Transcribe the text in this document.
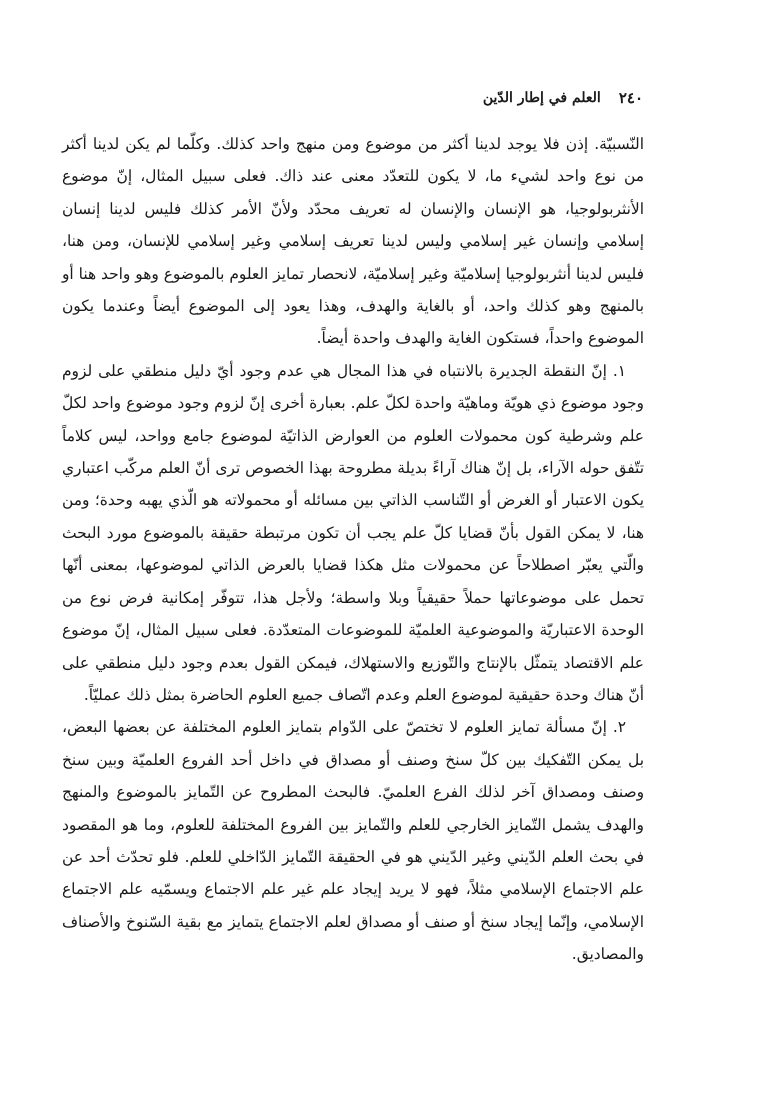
٢٤٠
العلم في إطار الدّين

النّسبيّة. إذن فلا يوجد لدينا أكثر من موضوع ومن منهج واحد كذلك. وكلّما لم يكن لدينا أكثر من نوع واحد لشيء ما، لا يكون للتعدّد معنى عند ذاك. فعلى سبيل المثال، إنّ موضوع الأنثربولوجيا، هو الإنسان والإنسان له تعريف محدّد ولأنّ الأمر كذلك فليس لدينا إنسان إسلامي وإنسان غير إسلامي وليس لدينا تعريف إسلامي وغير إسلامي للإنسان، ومن هنا، فليس لدينا أنثربولوجيا إسلاميّة وغير إسلاميّة، لانحصار تمايز العلوم بالموضوع وهو واحد هنا أو بالمنهج وهو كذلك واحد، أو بالغاية والهدف، وهذا يعود إلى الموضوع أيضاً وعندما يكون الموضوع واحداً، فستكون الغاية والهدف واحدة أيضاً.

١. إنّ النقطة الجديرة بالانتباه في هذا المجال هي عدم وجود أيّ دليل منطقي على لزوم وجود موضوع ذي هويّة وماهيّة واحدة لكلّ علم. بعبارة أخرى إنّ لزوم وجود موضوع واحد لكلّ علم وشرطية كون محمولات العلوم من العوارض الذاتيّة لموضوع جامع وواحد، ليس كلاماً تتّفق حوله الآراء، بل إنّ هناك آراءً بديلة مطروحة بهذا الخصوص ترى أنّ العلم مركّب اعتباري يكون الاعتبار أو الغرض أو التّناسب الذاتي بين مسائله أو محمولاته هو الّذي يهبه وحدة؛ ومن هنا، لا يمكن القول بأنّ قضايا كلّ علم يجب أن تكون مرتبطة حقيقة بالموضوع مورد البحث والّتي يعبّر اصطلاحاً عن محمولات مثل هكذا قضايا بالعرض الذاتي لموضوعها، بمعنى أنّها تحمل على موضوعاتها حملاً حقيقياً وبلا واسطة؛ ولأجل هذا، تتوفّر إمكانية فرض نوع من الوحدة الاعتباريّة والموضوعية العلميّة للموضوعات المتعدّدة. فعلى سبيل المثال، إنّ موضوع علم الاقتصاد يتمثّل بالإنتاج والتّوزيع والاستهلاك، فيمكن القول بعدم وجود دليل منطقي على أنّ هناك وحدة حقيقية لموضوع العلم وعدم اتّصاف جميع العلوم الحاضرة بمثل ذلك عمليّاً.

٢. إنّ مسألة تمايز العلوم لا تختصّ على الدّوام بتمايز العلوم المختلفة عن بعضها البعض، بل يمكن التّفكيك بين كلّ سنخ وصنف أو مصداق في داخل أحد الفروع العلميّة وبين سنخ وصنف ومصداق آخر لذلك الفرع العلميّ. فالبحث المطروح عن التّمايز بالموضوع والمنهج والهدف يشمل التّمايز الخارجي للعلم والتّمايز بين الفروع المختلفة للعلوم، وما هو المقصود في بحث العلم الدّيني وغير الدّيني هو في الحقيقة التّمايز الدّاخلي للعلم. فلو تحدّث أحد عن علم الاجتماع الإسلامي مثلاً، فهو لا يريد إيجاد علم غير علم الاجتماع ويسمّيه علم الاجتماع الإسلامي، وإنّما إيجاد سنخ أو صنف أو مصداق لعلم الاجتماع يتمايز مع بقية السّنوخ والأصناف والمصاديق.
